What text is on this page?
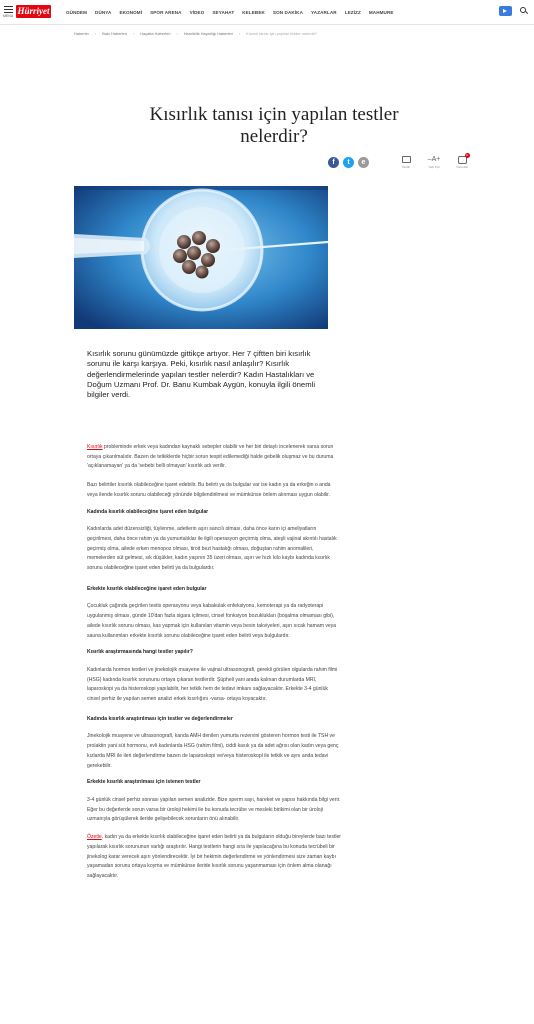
MENU Hürriyet	GÜNDEM DÜNYA EKONOMİ SPOR ARENA VİDEO SEYAHAT KELEBEK SON DAKİKA YAZARLAR LEZİZZ MAHMURE
Haberler › Bakı Haberleri › Hayatta Haberleri › Hamilelik Hayatlığı Haberleri › Kısırlık tanısı için yapılan testler nelerdir?
Kısırlık tanısı için yapılan testler
nelerdir?
f	t	e
Yazdır
–A+
Yazı Tipi
1
Yorumlar

Kısırlık sorunu günümüzde gittikçe artıyor. Her 7 çiftten biri kısırlık sorunu ile karşı karşıya. Peki, kısırlık nasıl anlaşılır? Kısırlık değerlendirmelerinde yapılan testler nelerdir? Kadın Hastalıkları ve Doğum Uzmanı Prof. Dr. Banu Kumbak Aygün, konuyla ilgili önemli bilgiler verdi.

Kısırlık probleminde erkek veya kadından kaynaklı sebepler olabilir ve her biri detaylı incelenerek varsa sorun ortaya çıkarılmalıdır. Bazen de tetkiklerde hiçbir sorun tespit edilemediği halde gebelik oluşmaz ve bu duruma 'açıklanamayan' ya da 'sebebi belli olmayan' kısırlık adı verilir.

Bazı belirtiler kısırlık olabileceğine işaret edebilir. Bu belirti ya da bulgular var ise kadın ya da erkeğin o anda veya ilende kısırlık sorunu olabileceği yönünde bilgilendirilmesi ve mümkünse önlem alınması uygun olabilir.

Kadında kısırlık olabileceğine işaret eden bulgular

Kadınlarda adet düzensizliği, tüylenme, adetlerin aşırı sancılı olması, daha önce karın içi ameliyatların geçirilmesi, daha önce rahim ya da yumurtalıklar ile ilgili operasyon geçirmiş olma, ateşli vajinal akıntılı hastalık geçirmiş olma, ailede erken menopoz olması, tiroit bezi hastalığı olması, doğuştan rahim anomalileri, memelerden süt gelmesi, sık düşükler, kadın yaşının 35 üzeri olması, aşırı ve hızlı kilo kaybı kadında kısırlık sorunu olabileceğine işaret eden belirti ya da bulgulardır.

Erkekte kısırlık olabileceğine işaret eden bulgular

Çocukluk çağında geçirilen testis operasyonu veya kabakulak enfeksiyonu, kemoterapi ya da radyoterapi uygulanmış olması, günde 10'dan fazla sigara içilmesi, cinsel fonksiyon bozuklukları (boşalma olmaması gibi), ailede kısırlık sorunu olması, kas yapmak için kullanılan vitamin veya besin takviyeleri, aşırı sıcak hamam veya sauna kullanımları erkekte kısırlık sorunu olabileceğine işaret eden belirti veya bulgulardır.

Kısırlık araştırmasında hangi testler yapılır?

Kadınlarda hormon testleri ve jinekolojik muayene ile vajinal ultrasonografi, gerekli görülen olgularda rahim filmi (HSG) kadında kısırlık sorununu ortaya çıkaran testlerdir. Şüpheli yani arada kalınan durumlarda MRI, laparoskopi ya da histeroskopi yapılabilir, her tetkik hem de tedavi imkanı sağlayacaktır. Erkekte 3-4 günlük cinsel perhiz ile yapılan semen analizi erkek kısırlığını -varsa- ortaya koyacaktır.

Kadında kısırlık araştırılması için testler ve değerlendirmeler

Jinekolojik muayene ve ultrasonografi, kanda AMH denilen yumurta rezervini gösteren hormon testi ile TSH ve prolaktin yani süt hormonu, evli kadınlarda HSG (rahim filmi), ciddi kasık ya da adet ağrısı olan kadın veya genç kızlarda MRI ile ileri değerlendirme bazen de laparoskopi ve/veya histeroskopi ile tetkik ve aynı anda tedavi gerekebilir.

Erkekte kısırlık araştırılması için istenen testler

3-4 günlük cinsel perhiz sonrası yapılan semen analizide. Bize sperm sayı, hareket ve yapısı hakkında bilgi verir. Eğer bu değerlerde sorun varsa bir üroloji hekimi ile bu konuda tecrübe ve mesleki birikimi olan bir üroloji uzmanıyla görüşülerek ileride gelişebilecek sorunların önü alınabilir.

Özetle, kadın ya da erkekte kısırlık olabileceğine işaret eden belirti ya da bulguların olduğu bireylerde bazı testler yapılarak kısırlık sorununun varlığı araştırılır. Hangi testlerin hangi sıra ile yapılacağına bu konuda tecrübeli bir jinekolog karar verecek aşırı yönlendirecektir. İyi bir hekimin değerlendirme ve yönlendirmesi size zaman kaybı yaşamadan sorunu ortaya koyma ve mümkünse ileride kısırlık sorunu yaşanmaması için önlem alma olanağı sağlayacaktır.
